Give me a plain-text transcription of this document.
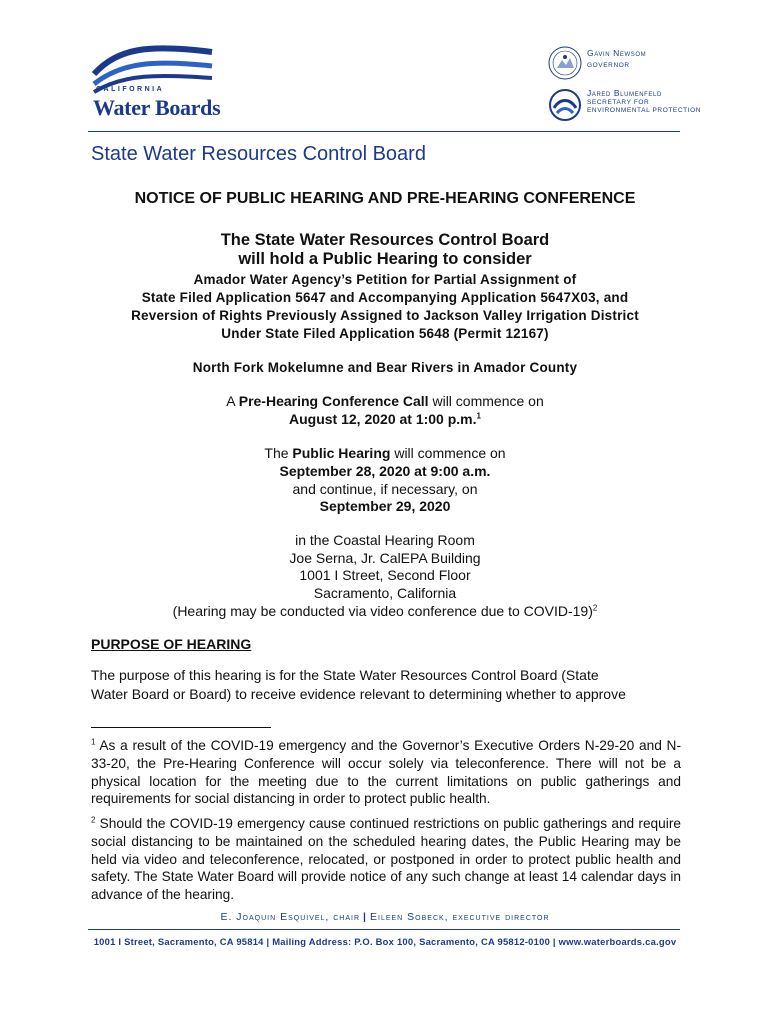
CALIFORNIA
Water Boards
Gavin Newsom
GOVERNOR
Jared Blumenfeld
SECRETARY FOR
ENVIRONMENTAL PROTECTION
State Water Resources Control Board
NOTICE OF PUBLIC HEARING AND PRE-HEARING CONFERENCE
The State Water Resources Control Board
will hold a Public Hearing to consider
Amador Water Agency’s Petition for Partial Assignment of
State Filed Application 5647 and Accompanying Application 5647X03, and
Reversion of Rights Previously Assigned to Jackson Valley Irrigation District
Under State Filed Application 5648 (Permit 12167)
North Fork Mokelumne and Bear Rivers in Amador County
A Pre-Hearing Conference Call will commence on
August 12, 2020 at 1:00 p.m.$^1$
The Public Hearing will commence on
September 28, 2020 at 9:00 a.m.
and continue, if necessary, on
September 29, 2020
in the Coastal Hearing Room
Joe Serna, Jr. CalEPA Building
1001 I Street, Second Floor
Sacramento, California
(Hearing may be conducted via video conference due to COVID-19)$^2$
PURPOSE OF HEARING
The purpose of this hearing is for the State Water Resources Control Board (State
Water Board or Board) to receive evidence relevant to determining whether to approve
$^1$ As a result of the COVID-19 emergency and the Governor’s Executive Orders N-29-20 and N-33-20, the Pre-Hearing Conference will occur solely via teleconference. There will not be a physical location for the meeting due to the current limitations on public gatherings and requirements for social distancing in order to protect public health.
$^2$ Should the COVID-19 emergency cause continued restrictions on public gatherings and require social distancing to be maintained on the scheduled hearing dates, the Public Hearing may be held via video and teleconference, relocated, or postponed in order to protect public health and safety. The State Water Board will provide notice of any such change at least 14 calendar days in advance of the hearing.
E. Joaquin Esquivel, chair | Eileen Sobeck, executive director
1001 I Street, Sacramento, CA 95814 | Mailing Address: P.O. Box 100, Sacramento, CA 95812-0100 | www.waterboards.ca.gov
